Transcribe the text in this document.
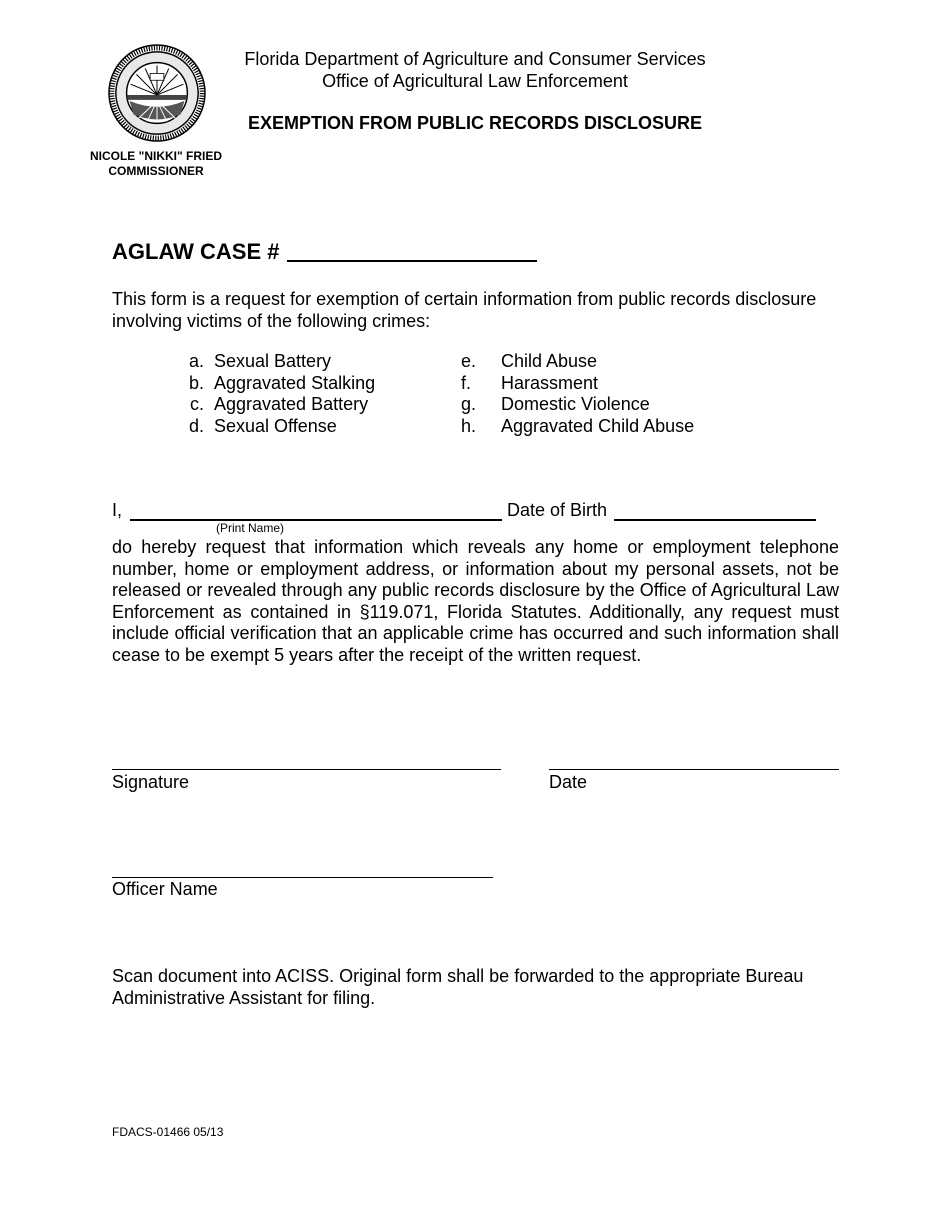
NICOLE "NIKKI" FRIED
COMMISSIONER
Florida Department of Agriculture and Consumer Services
Office of Agricultural Law Enforcement
EXEMPTION FROM PUBLIC RECORDS DISCLOSURE
AGLAW CASE #
This form is a request for exemption of certain information from public records disclosure involving victims of the following crimes:
a. Sexual Battery
b. Aggravated Stalking
c. Aggravated Battery
d. Sexual Offense
e. Child Abuse
f. Harassment
g. Domestic Violence
h. Aggravated Child Abuse
I,
(Print Name)
Date of Birth
do hereby request that information which reveals any home or employment telephone number, home or employment address, or information about my personal assets, not be released or revealed through any public records disclosure by the Office of Agricultural Law Enforcement as contained in §119.071, Florida Statutes. Additionally, any request must include official verification that an applicable crime has occurred and such information shall cease to be exempt 5 years after the receipt of the written request.
Signature	Date
Officer Name
Scan document into ACISS. Original form shall be forwarded to the appropriate Bureau Administrative Assistant for filing.
FDACS-01466 05/13
